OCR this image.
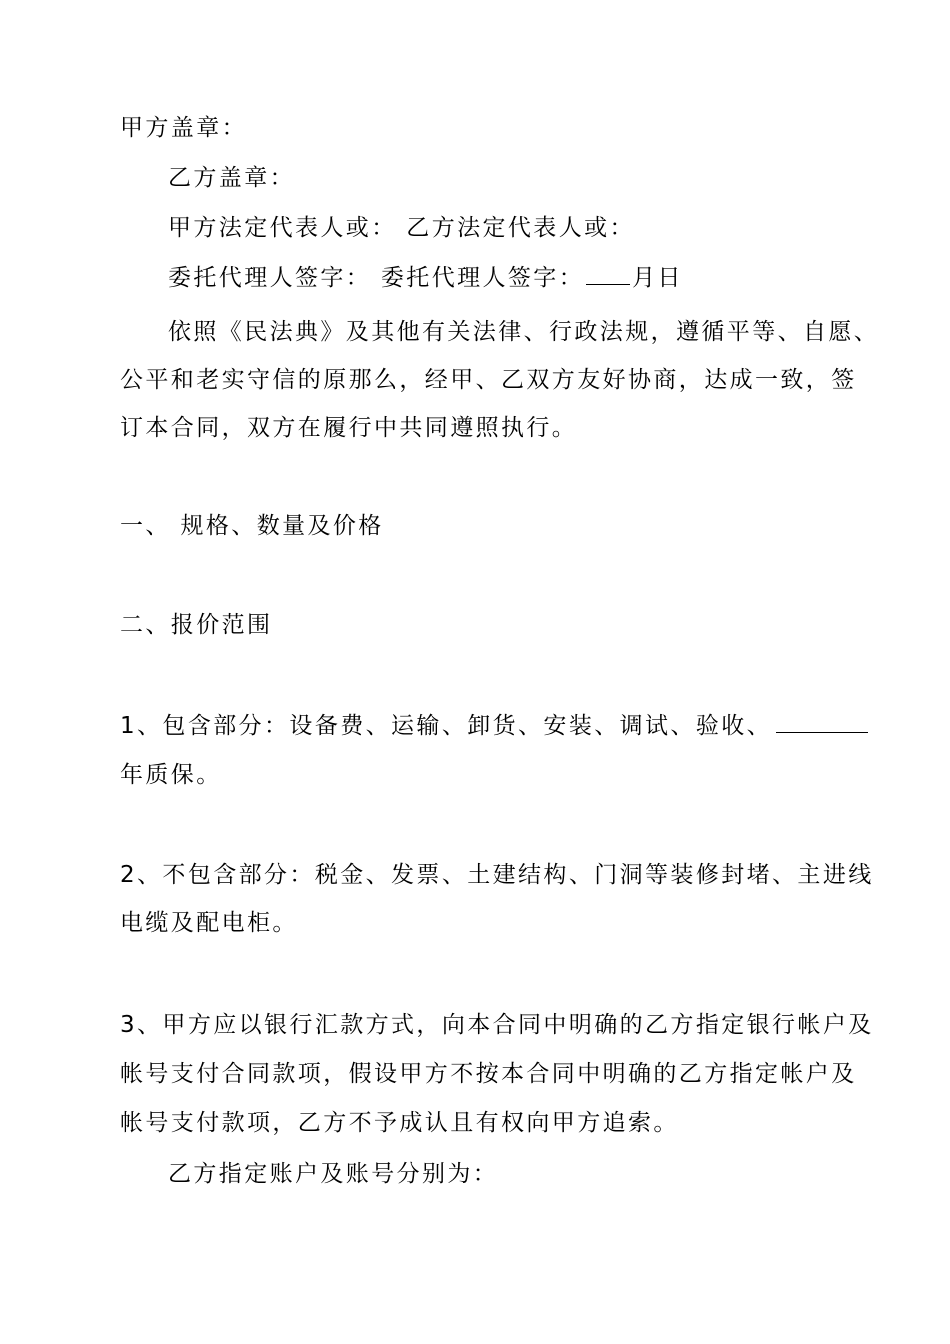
甲方盖章：
乙方盖章：
甲方法定代表人或： 乙方法定代表人或：
委托代理人签字： 委托代理人签字： 月日
依照《民法典》及其他有关法律、行政法规，遵循平等、自愿、
公平和老实守信的原那么，经甲、乙双方友好协商，达成一致，签
订本合同，双方在履行中共同遵照执行。
一、 规格、数量及价格
二、报价范围
1、包含部分：设备费、运输、卸货、安装、调试、验收、
年质保。
2、不包含部分：税金、发票、土建结构、门洞等装修封堵、主进线
电缆及配电柜。
3、甲方应以银行汇款方式，向本合同中明确的乙方指定银行帐户及
帐号支付合同款项，假设甲方不按本合同中明确的乙方指定帐户及
帐号支付款项，乙方不予成认且有权向甲方追索。
乙方指定账户及账号分别为：
